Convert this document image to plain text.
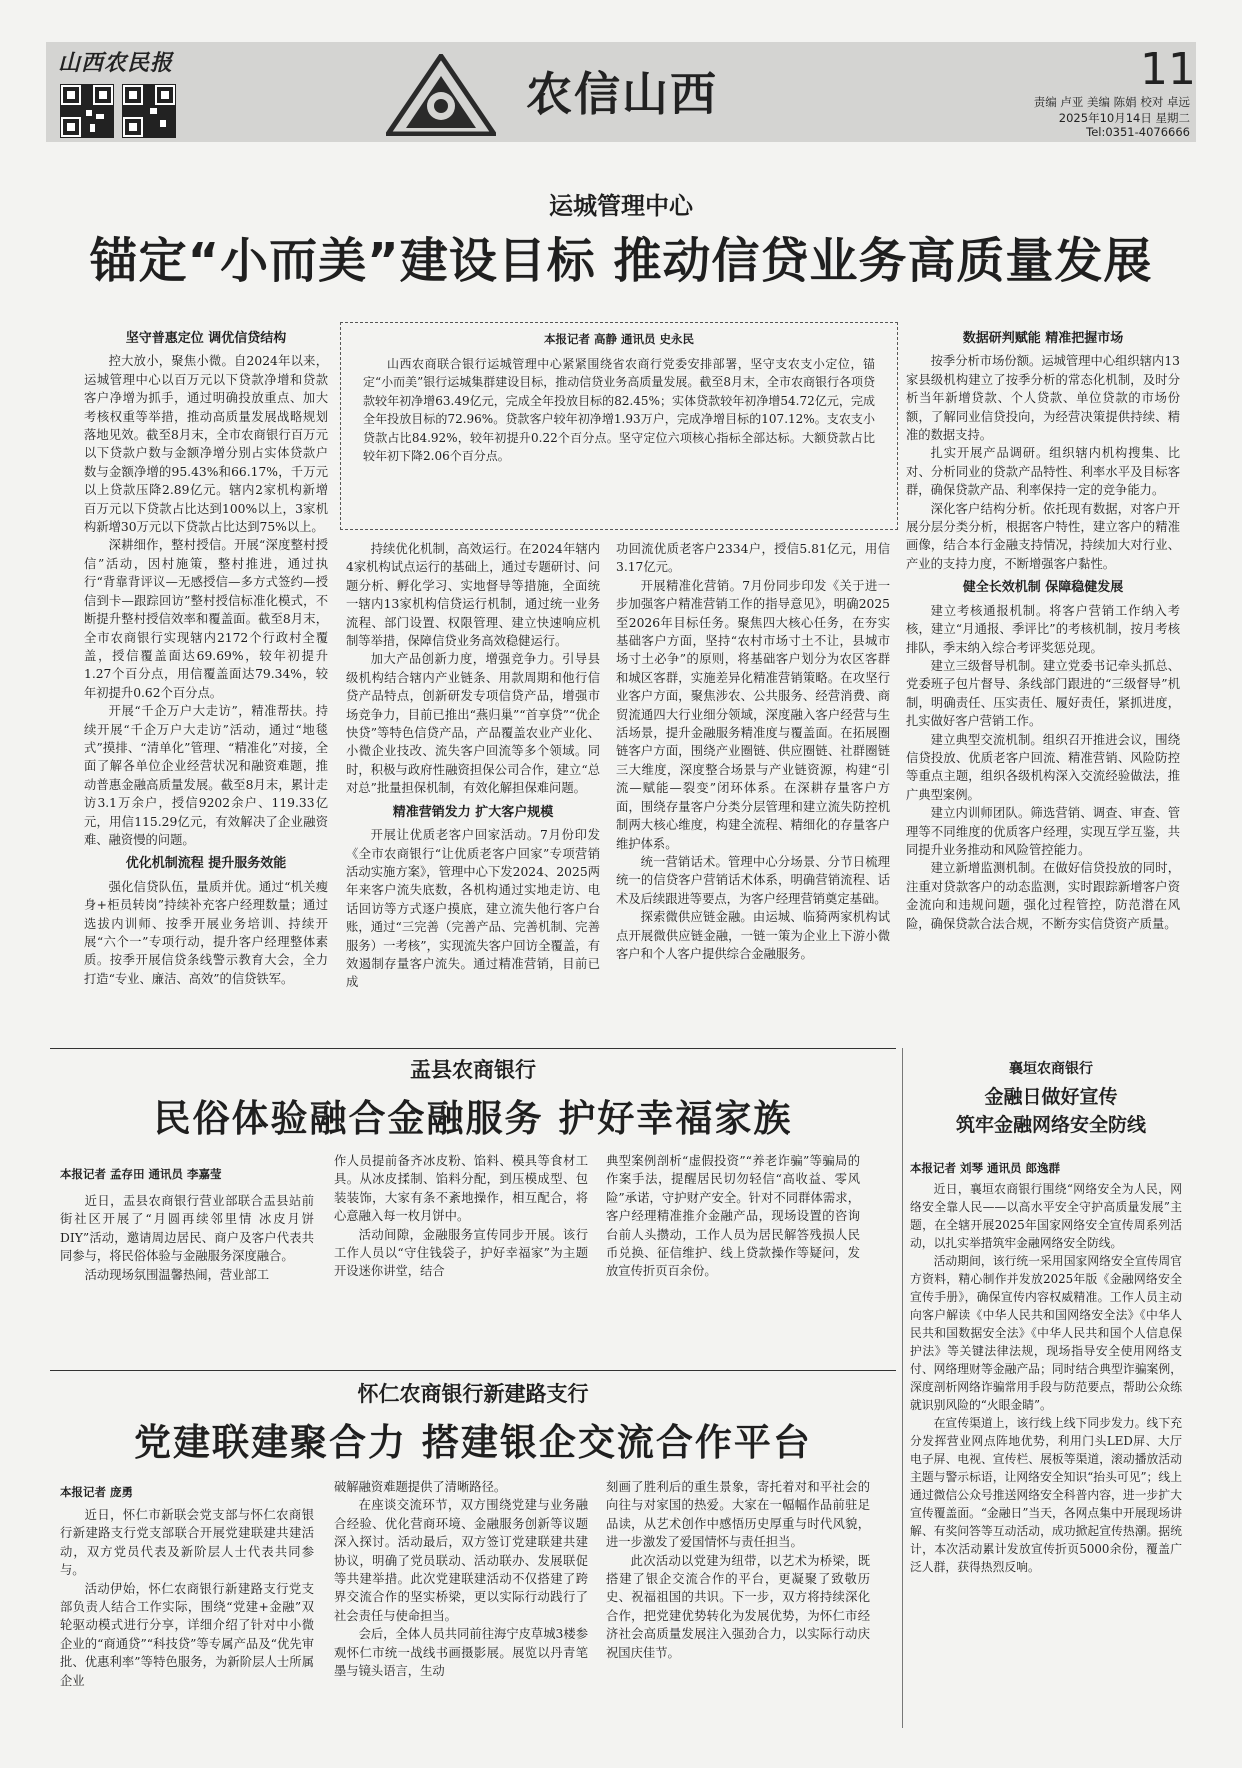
山西农民报
农信山西	11
责编 卢亚 美编 陈娟 校对 卓远
2025年10月14日 星期二
Tel:0351-4076666
运城管理中心
锚定“小而美”建设目标 推动信贷业务高质量发展
本报记者 高静 通讯员 史永民

山西农商联合银行运城管理中心紧紧围绕省农商行党委安排部署，坚守支农支小定位，锚定“小而美”银行运城集群建设目标，推动信贷业务高质量发展。截至8月末，全市农商银行各项贷款较年初净增63.49亿元，完成全年投放目标的82.45%；实体贷款较年初净增54.72亿元，完成全年投放目标的72.96%。贷款客户较年初净增1.93万户，完成净增目标的107.12%。支农支小贷款占比84.92%，较年初提升0.22个百分点。坚守定位六项核心指标全部达标。大额贷款占比较年初下降2.06个百分点。

坚守普惠定位 调优信贷结构

控大放小，聚焦小微。自2024年以来，运城管理中心以百万元以下贷款净增和贷款客户净增为抓手，通过明确投放重点、加大考核权重等举措，推动高质量发展战略规划落地见效。截至8月末，全市农商银行百万元以下贷款户数与金额净增分别占实体贷款户数与金额净增的95.43%和66.17%，千万元以上贷款压降2.89亿元。辖内2家机构新增百万元以下贷款占比达到100%以上，3家机构新增30万元以下贷款占比达到75%以上。

深耕细作，整村授信。开展“深度整村授信”活动，因村施策，整村推进，通过执行“背靠背评议—无感授信—多方式签约—授信到卡—跟踪回访”整村授信标准化模式，不断提升整村授信效率和覆盖面。截至8月末，全市农商银行实现辖内2172个行政村全覆盖，授信覆盖面达69.69%，较年初提升1.27个百分点，用信覆盖面达79.34%，较年初提升0.62个百分点。

开展“千企万户大走访”，精准帮扶。持续开展“千企万户大走访”活动，通过“地毯式”摸排、“清单化”管理、“精准化”对接，全面了解各单位企业经营状况和融资难题，推动普惠金融高质量发展。截至8月末，累计走访3.1万余户，授信9202余户、119.33亿元，用信115.29亿元，有效解决了企业融资难、融资慢的问题。

优化机制流程 提升服务效能

强化信贷队伍，量质并优。通过“机关瘦身+柜员转岗”持续补充客户经理数量；通过选拔内训师、按季开展业务培训、持续开展“六个一”专项行动，提升客户经理整体素质。按季开展信贷条线警示教育大会，全力打造“专业、廉洁、高效”的信贷铁军。

持续优化机制，高效运行。在2024年辖内4家机构试点运行的基础上，通过专题研讨、问题分析、孵化学习、实地督导等措施，全面统一辖内13家机构信贷运行机制，通过统一业务流程、部门设置、权限管理、建立快速响应机制等举措，保障信贷业务高效稳健运行。

加大产品创新力度，增强竞争力。引导县级机构结合辖内产业链条、用款周期和他行信贷产品特点，创新研发专项信贷产品，增强市场竞争力，目前已推出“燕归巢”“首享贷”“优企快贷”等特色信贷产品，产品覆盖农业产业化、小微企业技改、流失客户回流等多个领域。同时，积极与政府性融资担保公司合作，建立“总对总”批量担保机制，有效化解担保难问题。

精准营销发力 扩大客户规模

开展让优质老客户回家活动。7月份印发《全市农商银行“让优质老客户回家”专项营销活动实施方案》，管理中心下发2024、2025两年来客户流失底数，各机构通过实地走访、电话回访等方式逐户摸底，建立流失他行客户台账，通过“三完善（完善产品、完善机制、完善服务）一考核”，实现流失客户回访全覆盖，有效遏制存量客户流失。通过精准营销，目前已成

功回流优质老客户2334户，授信5.81亿元，用信3.17亿元。

开展精准化营销。7月份同步印发《关于进一步加强客户精准营销工作的指导意见》，明确2025至2026年目标任务。聚焦四大核心任务，在夯实基础客户方面，坚持“农村市场寸土不让，县城市场寸土必争”的原则，将基础客户划分为农区客群和城区客群，实施差异化精准营销策略。在攻坚行业客户方面，聚焦涉农、公共服务、经营消费、商贸流通四大行业细分领域，深度融入客户经营与生活场景，提升金融服务精准度与覆盖面。在拓展圈链客户方面，围绕产业圈链、供应圈链、社群圈链三大维度，深度整合场景与产业链资源，构建“引流—赋能—裂变”闭环体系。在深耕存量客户方面，围绕存量客户分类分层管理和建立流失防控机制两大核心维度，构建全流程、精细化的存量客户维护体系。

统一营销话术。管理中心分场景、分节日梳理统一的信贷客户营销话术体系，明确营销流程、话术及后续跟进等要点，为客户经理营销奠定基础。

探索微供应链金融。由运城、临猗两家机构试点开展微供应链金融，一链一策为企业上下游小微客户和个人客户提供综合金融服务。

数据研判赋能 精准把握市场

按季分析市场份额。运城管理中心组织辖内13家县级机构建立了按季分析的常态化机制，及时分析当年新增贷款、个人贷款、单位贷款的市场份额，了解同业信贷投向，为经营决策提供持续、精准的数据支持。

扎实开展产品调研。组织辖内机构搜集、比对、分析同业的贷款产品特性、利率水平及目标客群，确保贷款产品、利率保持一定的竞争能力。

深化客户结构分析。依托现有数据，对客户开展分层分类分析，根据客户特性，建立客户的精准画像，结合本行金融支持情况，持续加大对行业、产业的支持力度，不断增强客户黏性。

健全长效机制 保障稳健发展

建立考核通报机制。将客户营销工作纳入考核，建立“月通报、季评比”的考核机制，按月考核排队，季末纳入综合考评奖惩兑现。

建立三级督导机制。建立党委书记牵头抓总、党委班子包片督导、条线部门跟进的“三级督导”机制，明确责任、压实责任、履好责任，紧抓进度，扎实做好客户营销工作。

建立典型交流机制。组织召开推进会议，围绕信贷投放、优质老客户回流、精准营销、风险防控等重点主题，组织各级机构深入交流经验做法，推广典型案例。

建立内训师团队。筛选营销、调查、审查、管理等不同维度的优质客户经理，实现互学互鉴，共同提升业务推动和风险管控能力。

建立新增监测机制。在做好信贷投放的同时，注重对贷款客户的动态监测，实时跟踪新增客户资金流向和违规问题，强化过程管控，防范潜在风险，确保贷款合法合规，不断夯实信贷资产质量。

盂县农商银行
民俗体验融合金融服务 护好幸福家族
本报记者 孟存田 通讯员 李嘉莹

近日，盂县农商银行营业部联合盂县站前街社区开展了“月圆再续邻里情 冰皮月饼DIY”活动，邀请周边居民、商户及客户代表共同参与，将民俗体验与金融服务深度融合。

活动现场氛围温馨热闹，营业部工

作人员提前备齐冰皮粉、馅料、模具等食材工具。从冰皮揉制、馅料分配，到压模成型、包装装饰，大家有条不紊地操作，相互配合，将心意融入每一枚月饼中。

活动间隙，金融服务宣传同步开展。该行工作人员以“守住钱袋子，护好幸福家”为主题开设迷你讲堂，结合

典型案例剖析“虚假投资”“养老诈骗”等骗局的作案手法，提醒居民切勿轻信“高收益、零风险”承诺，守护财产安全。针对不同群体需求，客户经理精准推介金融产品，现场设置的咨询台前人头攒动，工作人员为居民解答残损人民币兑换、征信维护、线上贷款操作等疑问，发放宣传折页百余份。

怀仁农商银行新建路支行
党建联建聚合力 搭建银企交流合作平台
本报记者 庞勇

近日，怀仁市新联会党支部与怀仁农商银行新建路支行党支部联合开展党建联建共建活动，双方党员代表及新阶层人士代表共同参与。

活动伊始，怀仁农商银行新建路支行党支部负责人结合工作实际，围绕“党建+金融”双轮驱动模式进行分享，详细介绍了针对中小微企业的“商通贷”“科技贷”等专属产品及“优先审批、优惠利率”等特色服务，为新阶层人士所属企业

破解融资难题提供了清晰路径。

在座谈交流环节，双方围绕党建与业务融合经验、优化营商环境、金融服务创新等议题深入探讨。活动最后，双方签订党建联建共建协议，明确了党员联动、活动联办、发展联促等共建举措。此次党建联建活动不仅搭建了跨界交流合作的坚实桥梁，更以实际行动践行了社会责任与使命担当。

会后，全体人员共同前往海宁皮草城3楼参观怀仁市统一战线书画摄影展。展览以丹青笔墨与镜头语言，生动

刻画了胜利后的重生景象，寄托着对和平社会的向往与对家国的热爱。大家在一幅幅作品前驻足品读，从艺术创作中感悟历史厚重与时代风貌，进一步激发了爱国情怀与责任担当。

此次活动以党建为纽带，以艺术为桥梁，既搭建了银企交流合作的平台，更凝聚了致敬历史、祝福祖国的共识。下一步，双方将持续深化合作，把党建优势转化为发展优势，为怀仁市经济社会高质量发展注入强劲合力，以实际行动庆祝国庆佳节。

襄垣农商银行
金融日做好宣传
筑牢金融网络安全防线
本报记者 刘琴 通讯员 郎逸群

近日，襄垣农商银行围绕“网络安全为人民，网络安全靠人民——以高水平安全守护高质量发展”主题，在全辖开展2025年国家网络安全宣传周系列活动，以扎实举措筑牢金融网络安全防线。

活动期间，该行统一采用国家网络安全宣传周官方资料，精心制作并发放2025年版《金融网络安全宣传手册》，确保宣传内容权威精准。工作人员主动向客户解读《中华人民共和国网络安全法》《中华人民共和国数据安全法》《中华人民共和国个人信息保护法》等关键法律法规，现场指导安全使用网络支付、网络理财等金融产品；同时结合典型诈骗案例，深度剖析网络诈骗常用手段与防范要点，帮助公众练就识别风险的“火眼金睛”。

在宣传渠道上，该行线上线下同步发力。线下充分发挥营业网点阵地优势，利用门头LED屏、大厅电子屏、电视、宣传栏、展板等渠道，滚动播放活动主题与警示标语，让网络安全知识“抬头可见”；线上通过微信公众号推送网络安全科普内容，进一步扩大宣传覆盖面。“金融日”当天，各网点集中开展现场讲解、有奖问答等互动活动，成功掀起宣传热潮。据统计，本次活动累计发放宣传折页5000余份，覆盖广泛人群，获得热烈反响。
